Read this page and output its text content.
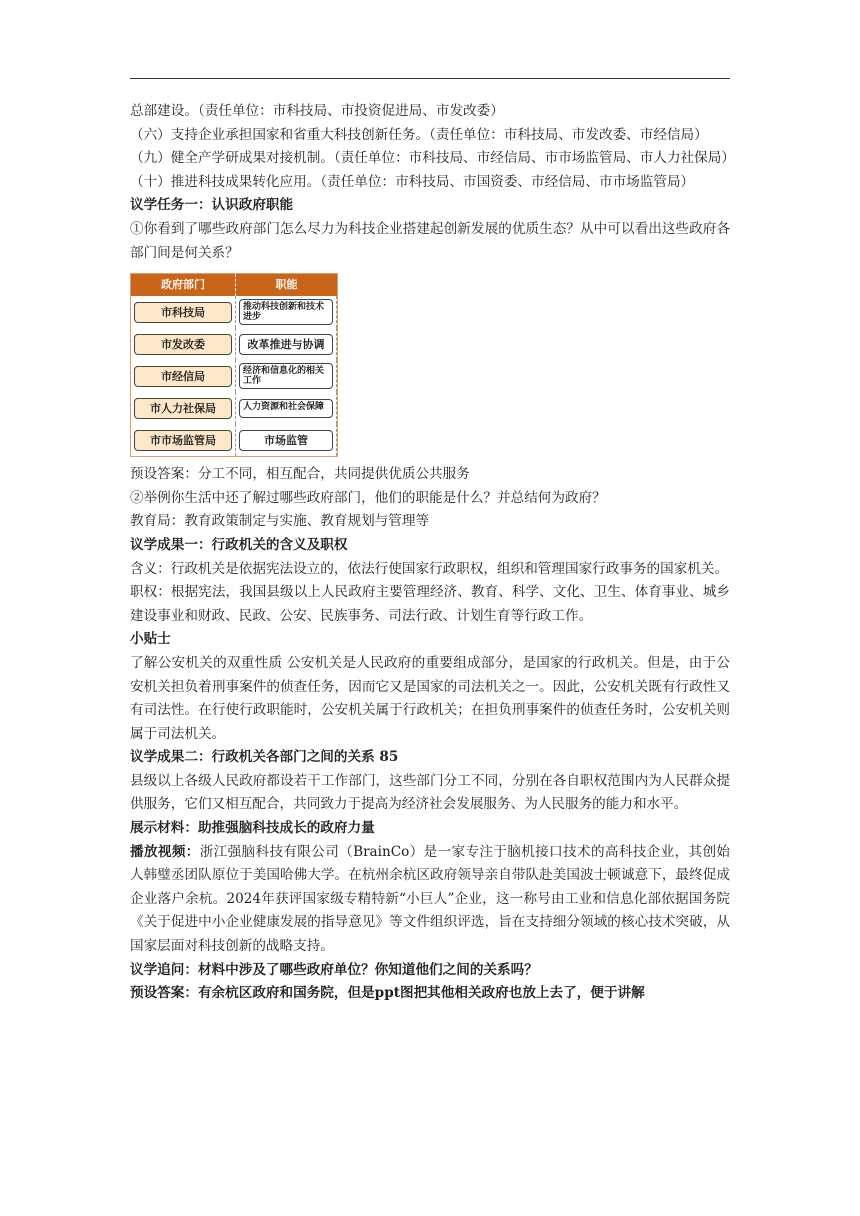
总部建设。（责任单位：市科技局、市投资促进局、市发改委）

（六）支持企业承担国家和省重大科技创新任务。（责任单位：市科技局、市发改委、市经信局）

（九）健全产学研成果对接机制。（责任单位：市科技局、市经信局、市市场监管局、市人力社保局）

（十）推进科技成果转化应用。（责任单位：市科技局、市国资委、市经信局、市市场监管局）

议学任务一：认识政府职能

①你看到了哪些政府部门怎么尽力为科技企业搭建起创新发展的优质生态？从中可以看出这些政府各部门间是何关系？

政府部门	职能
市科技局	推动科技创新和技术进步
市发改委	改革推进与协调
市经信局	经济和信息化的相关工作
市人力社保局	人力资源和社会保障
市市场监管局	市场监管

预设答案：分工不同，相互配合，共同提供优质公共服务

②举例你生活中还了解过哪些政府部门，他们的职能是什么？并总结何为政府？

教育局：教育政策制定与实施、教育规划与管理等

议学成果一：行政机关的含义及职权

含义：行政机关是依据宪法设立的，依法行使国家行政职权，组织和管理国家行政事务的国家机关。

职权：根据宪法，我国县级以上人民政府主要管理经济、教育、科学、文化、卫生、体育事业、城乡建设事业和财政、民政、公安、民族事务、司法行政、计划生育等行政工作。

小贴士

了解公安机关的双重性质 公安机关是人民政府的重要组成部分，是国家的行政机关。但是，由于公安机关担负着刑事案件的侦查任务，因而它又是国家的司法机关之一。因此，公安机关既有行政性又有司法性。在行使行政职能时，公安机关属于行政机关；在担负刑事案件的侦查任务时，公安机关则属于司法机关。

议学成果二：行政机关各部门之间的关系 85

县级以上各级人民政府都设若干工作部门，这些部门分工不同，分别在各自职权范围内为人民群众提供服务，它们又相互配合，共同致力于提高为经济社会发展服务、为人民服务的能力和水平。

展示材料：助推强脑科技成长的政府力量

播放视频：浙江强脑科技有限公司（BrainCo）是一家专注于脑机接口技术的高科技企业，其创始人韩璧丞团队原位于美国哈佛大学。在杭州余杭区政府领导亲自带队赴美国波士顿诚意下，最终促成企业落户余杭。2024年获评国家级专精特新“小巨人”企业，这一称号由工业和信息化部依据国务院《关于促进中小企业健康发展的指导意见》等文件组织评选，旨在支持细分领域的核心技术突破，从国家层面对科技创新的战略支持。

议学追问：材料中涉及了哪些政府单位？你知道他们之间的关系吗？

预设答案：有余杭区政府和国务院，但是ppt图把其他相关政府也放上去了，便于讲解
